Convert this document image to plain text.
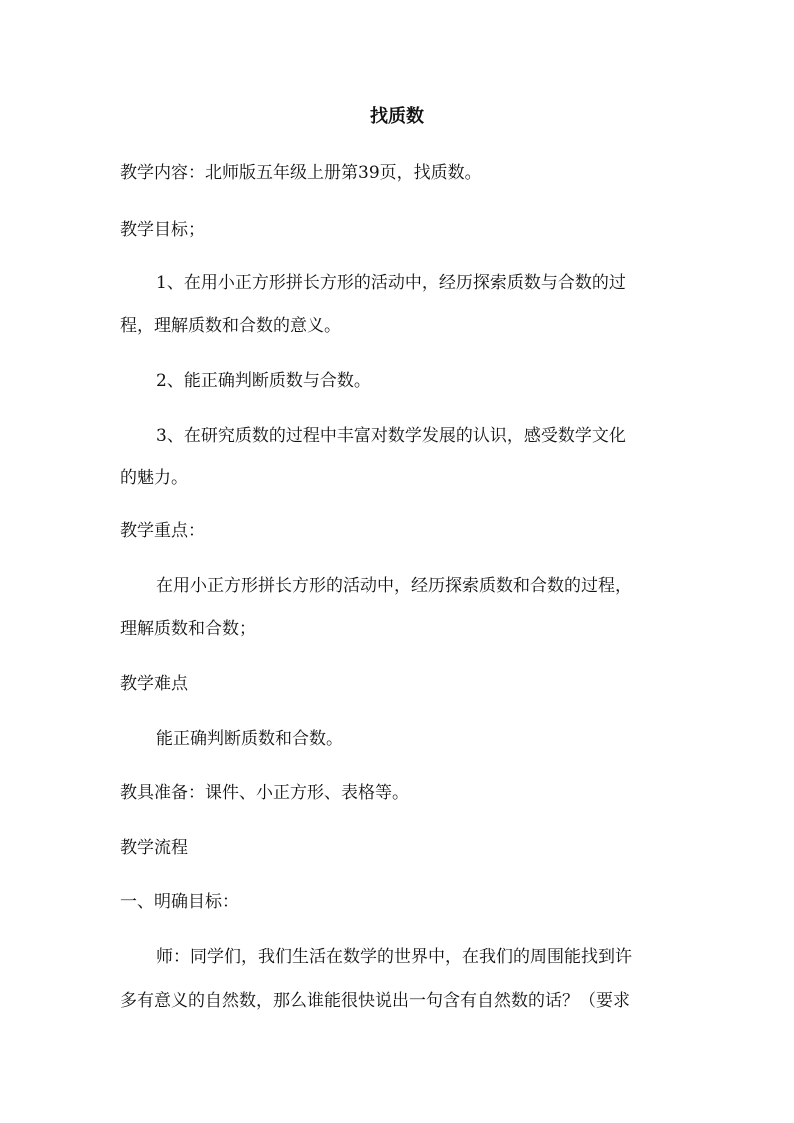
找质数
教学内容：北师版五年级上册第39页，找质数。
教学目标；
1、在用小正方形拼长方形的活动中，经历探索质数与合数的过
程，理解质数和合数的意义。
2、能正确判断质数与合数。
3、在研究质数的过程中丰富对数学发展的认识，感受数学文化
的魅力。
教学重点：
在用小正方形拼长方形的活动中，经历探索质数和合数的过程，
理解质数和合数；
教学难点
能正确判断质数和合数。
教具准备：课件、小正方形、表格等。
教学流程
一、明确目标：
师：同学们，我们生活在数学的世界中，在我们的周围能找到许
多有意义的自然数，那么谁能很快说出一句含有自然数的话？（要求
